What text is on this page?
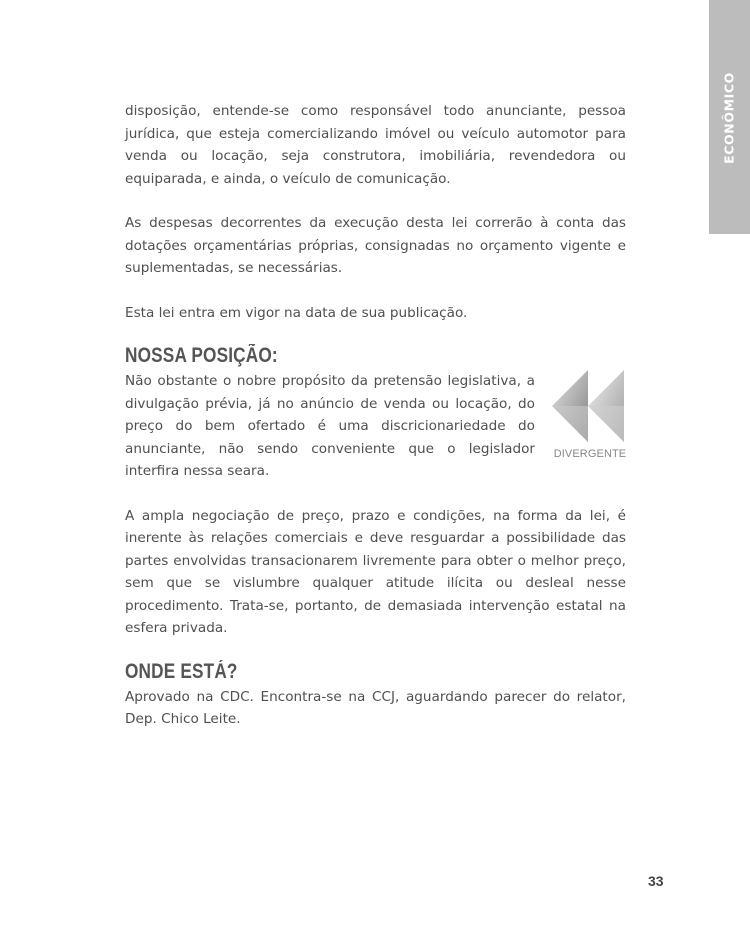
ECONÔMICO

disposição, entende-se como responsável todo anunciante, pessoa jurídica, que esteja comercializando imóvel ou veículo automotor para venda ou locação, seja construtora, imobiliária, revendedora ou equiparada, e ainda, o veículo de comunicação.

As despesas decorrentes da execução desta lei correrão à conta das dotações orçamentárias próprias, consignadas no orçamento vigente e suplementadas, se necessárias.

Esta lei entra em vigor na data de sua publicação.

NOSSA POSIÇÃO:

Não obstante o nobre propósito da pretensão legislativa, a divulgação prévia, já no anúncio de venda ou locação, do preço do bem ofertado é uma discricionariedade do anunciante, não sendo conveniente que o legislador interfira nessa seara.

DIVERGENTE

A ampla negociação de preço, prazo e condições, na forma da lei, é inerente às relações comerciais e deve resguardar a possibilidade das partes envolvidas transacionarem livremente para obter o melhor preço, sem que se vislumbre qualquer atitude ilícita ou desleal nesse procedimento. Trata-se, portanto, de demasiada intervenção estatal na esfera privada.

ONDE ESTÁ?

Aprovado na CDC. Encontra-se na CCJ, aguardando parecer do relator, Dep. Chico Leite.

33
